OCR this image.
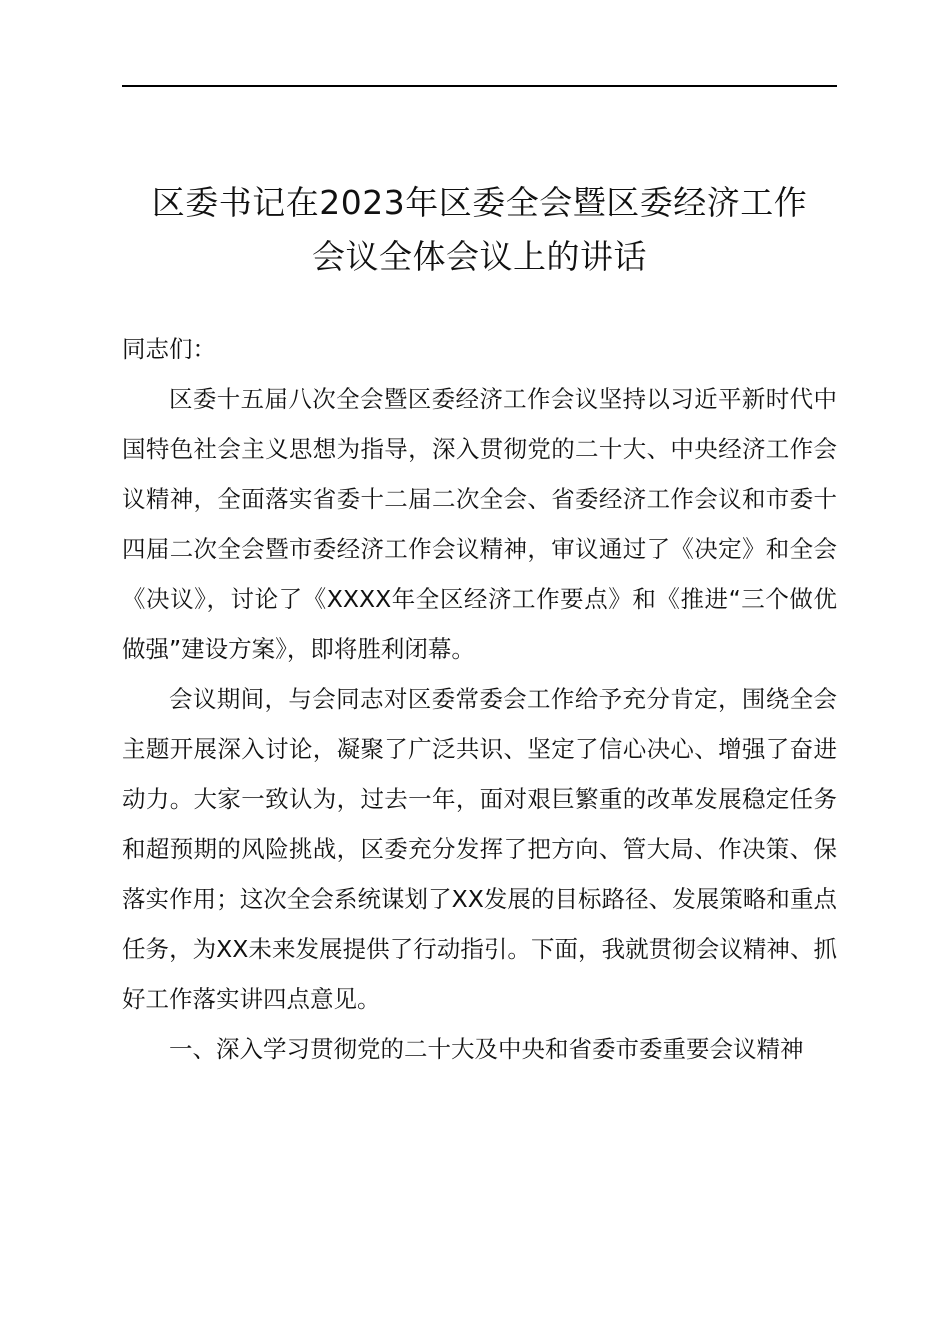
区委书记在2023年区委全会暨区委经济工作
会议全体会议上的讲话

同志们：

区委十五届八次全会暨区委经济工作会议坚持以习近平新时代中国特色社会主义思想为指导，深入贯彻党的二十大、中央经济工作会议精神，全面落实省委十二届二次全会、省委经济工作会议和市委十四届二次全会暨市委经济工作会议精神，审议通过了《决定》和全会《决议》，讨论了《XXXX年全区经济工作要点》和《推进“三个做优做强”建设方案》，即将胜利闭幕。

会议期间，与会同志对区委常委会工作给予充分肯定，围绕全会主题开展深入讨论，凝聚了广泛共识、坚定了信心决心、增强了奋进动力。大家一致认为，过去一年，面对艰巨繁重的改革发展稳定任务和超预期的风险挑战，区委充分发挥了把方向、管大局、作决策、保落实作用；这次全会系统谋划了XX发展的目标路径、发展策略和重点任务，为XX未来发展提供了行动指引。下面，我就贯彻会议精神、抓好工作落实讲四点意见。

一、深入学习贯彻党的二十大及中央和省委市委重要会议精神
